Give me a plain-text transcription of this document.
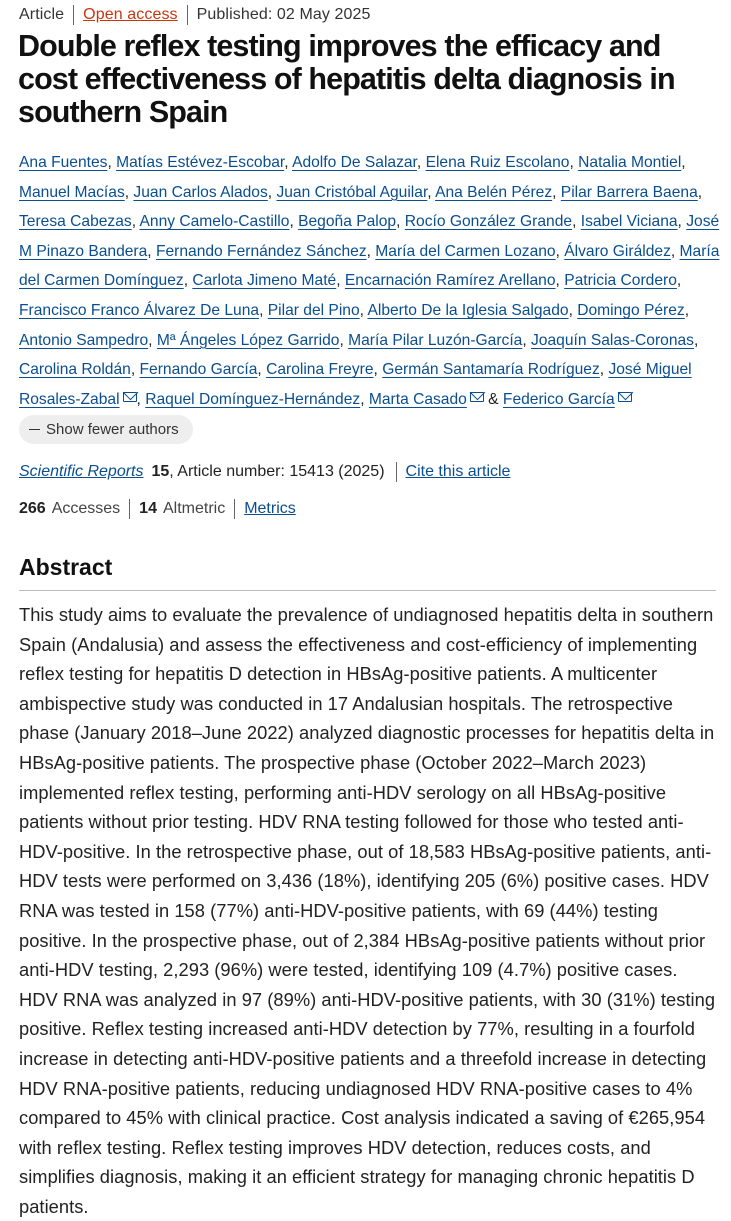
Article Open access Published: 02 May 2025
Double reflex testing improves the efficacy and cost effectiveness of hepatitis delta diagnosis in southern Spain
Ana Fuentes, Matías Estévez-Escobar, Adolfo De Salazar, Elena Ruiz Escolano, Natalia Montiel, Manuel Macías, Juan Carlos Alados, Juan Cristóbal Aguilar, Ana Belén Pérez, Pilar Barrera Baena, Teresa Cabezas, Anny Camelo-Castillo, Begoña Palop, Rocío González Grande, Isabel Viciana, José M Pinazo Bandera, Fernando Fernández Sánchez, María del Carmen Lozano, Álvaro Giráldez, María del Carmen Domínguez, Carlota Jimeno Maté, Encarnación Ramírez Arellano, Patricia Cordero, Francisco Franco Álvarez De Luna, Pilar del Pino, Alberto De la Iglesia Salgado, Domingo Pérez, Antonio Sampedro, Mª Ángeles López Garrido, María Pilar Luzón-García, Joaquín Salas-Coronas, Carolina Roldán, Fernando García, Carolina Freyre, Germán Santamaría Rodríguez, José Miguel Rosales-Zabal , Raquel Domínguez-Hernández, Marta Casado & Federico García
Show fewer authors
Scientific Reports 15 , Article number: 15413 (2025) Cite this article
266 Accesses 14 Altmetric Metrics
Abstract

This study aims to evaluate the prevalence of undiagnosed hepatitis delta in southern Spain (Andalusia) and assess the effectiveness and cost-efficiency of implementing reflex testing for hepatitis D detection in HBsAg-positive patients. A multicenter ambispective study was conducted in 17 Andalusian hospitals. The retrospective phase (January 2018–June 2022) analyzed diagnostic processes for hepatitis delta in HBsAg-positive patients. The prospective phase (October 2022–March 2023) implemented reflex testing, performing anti-HDV serology on all HBsAg-positive patients without prior testing. HDV RNA testing followed for those who tested anti-HDV-positive. In the retrospective phase, out of 18,583 HBsAg-positive patients, anti-HDV tests were performed on 3,436 (18%), identifying 205 (6%) positive cases. HDV RNA was tested in 158 (77%) anti-HDV-positive patients, with 69 (44%) testing positive. In the prospective phase, out of 2,384 HBsAg-positive patients without prior anti-HDV testing, 2,293 (96%) were tested, identifying 109 (4.7%) positive cases. HDV RNA was analyzed in 97 (89%) anti-HDV-positive patients, with 30 (31%) testing positive. Reflex testing increased anti-HDV detection by 77%, resulting in a fourfold increase in detecting anti-HDV-positive patients and a threefold increase in detecting HDV RNA-positive patients, reducing undiagnosed HDV RNA-positive cases to 4% compared to 45% with clinical practice. Cost analysis indicated a saving of €265,954 with reflex testing. Reflex testing improves HDV detection, reduces costs, and simplifies diagnosis, making it an efficient strategy for managing chronic hepatitis D patients.
